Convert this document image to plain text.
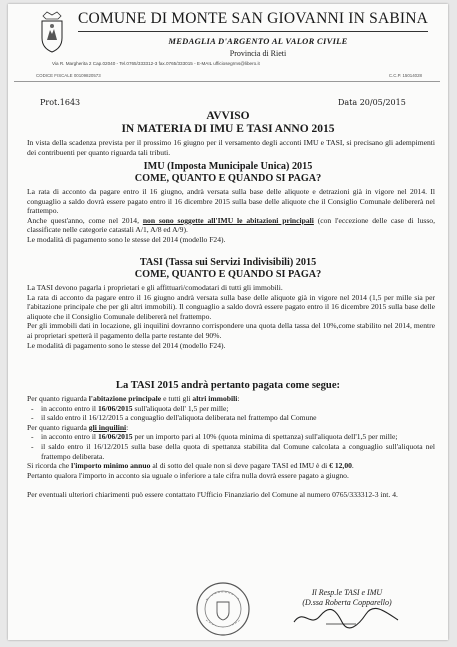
COMUNE DI MONTE SAN GIOVANNI IN SABINA
MEDAGLIA D'ARGENTO AL VALOR CIVILE
Provincia di Rieti
Via R. Margherita 2 Cap.02040 - Tel.0765/333312-3 fax.0765/333015 - E-MAIL ufficiosegrms@libero.it
CODICE FISCALE 00109820573	C.C.P. 15014028
Prot.1643	Data 20/05/2015
AVVISO
IN MATERIA DI IMU E TASI ANNO 2015
In vista della scadenza prevista per il prossimo 16 giugno per il versamento degli acconti IMU e TASI, si precisano gli adempimenti dei contribuenti per quanto riguarda tali tributi.
IMU (Imposta Municipale Unica) 2015
COME, QUANTO E QUANDO SI PAGA?
La rata di acconto da pagare entro il 16 giugno, andrà versata sulla base delle aliquote e detrazioni già in vigore nel 2014. Il conguaglio a saldo dovrà essere pagato entro il 16 dicembre 2015 sulla base delle aliquote che il Consiglio Comunale delibererà nel frattempo.
Anche quest'anno, come nel 2014, non sono soggette all'IMU le abitazioni principali (con l'eccezione delle case di lusso, classificate nelle categorie catastali A/1, A/8 ed A/9).
Le modalità di pagamento sono le stesse del 2014 (modello F24).
TASI (Tassa sui Servizi Indivisibili) 2015
COME, QUANTO E QUANDO SI PAGA?
La TASI devono pagarla i proprietari e gli affittuari/comodatari di tutti gli immobili.
La rata di acconto da pagare entro il 16 giugno andrà versata sulla base delle aliquote già in vigore nel 2014 (1,5 per mille sia per l'abitazione principale che per gli altri immobili). Il conguaglio a saldo dovrà essere pagato entro il 16 dicembre 2015 sulla base delle aliquote che il Consiglio Comunale delibererà nel frattempo.
Per gli immobili dati in locazione, gli inquilini dovranno corrispondere una quota della tassa del 10%,come stabilito nel 2014, mentre ai proprietari spetterà il pagamento della parte restante del 90%.
Le modalità di pagamento sono le stesse del 2014 (modello F24).
La TASI 2015 andrà pertanto pagata come segue:
Per quanto riguarda l'abitazione principale e tutti gli altri immobili:
- in acconto entro il 16/06/2015 sull'aliquota dell' 1,5 per mille;
- il saldo entro il 16/12/2015 a conguaglio dell'aliquota deliberata nel frattempo dal Comune
Per quanto riguarda gli inquilini:
- in acconto entro il 16/06/2015 per un importo pari al 10% (quota minima di spettanza) sull'aliquota dell'1,5 per mille;
- il saldo entro il 16/12/2015 sulla base della quota di spettanza stabilita dal Comune calcolata a conguaglio sull'aliquota nel frattempo deliberata.
Si ricorda che l'importo minimo annuo al di sotto del quale non si deve pagare TASI ed IMU è di € 12,00.
Pertanto qualora l'importo in acconto sia uguale o inferiore a tale cifra nulla dovrà essere pagato a giugno.
Per eventuali ulteriori chiarimenti può essere contattato l'Ufficio Finanziario del Comune al numero 0765/333312-3 int. 4.
Il Resp.le TASI e IMU
(D.ssa Roberta Copparello)
